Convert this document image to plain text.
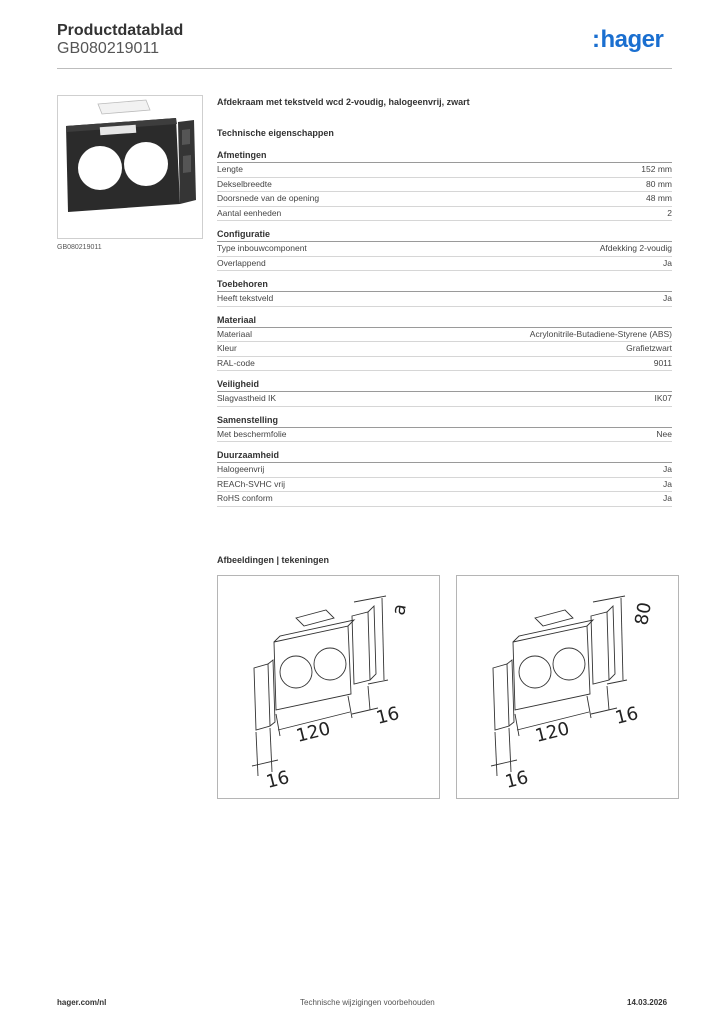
Productdatablad
GB080219011	:hager
GB080219011
Afdekraam met tekstveld wcd 2-voudig, halogeenvrij, zwart
Technische eigenschappen
Afmetingen
Lengte	152 mm
Dekselbreedte	80 mm
Doorsnede van de opening	48 mm
Aantal eenheden	2
Configuratie
Type inbouwcomponent	Afdekking 2-voudig
Overlappend	Ja
Toebehoren
Heeft tekstveld	Ja
Materiaal
Materiaal	Acrylonitrile-Butadiene-Styrene (ABS)
Kleur	Grafietzwart
RAL-code	9011
Veiligheid
Slagvastheid IK	IK07
Samenstelling
Met beschermfolie	Nee
Duurzaamheid
Halogeenvrij	Ja
REACh-SVHC vrij	Ja
RoHS conform	Ja
Afbeeldingen | tekeningen
a
120
16
16
80
120
16
16
hager.com/nl	Technische wijzigingen voorbehouden	14.03.2026
